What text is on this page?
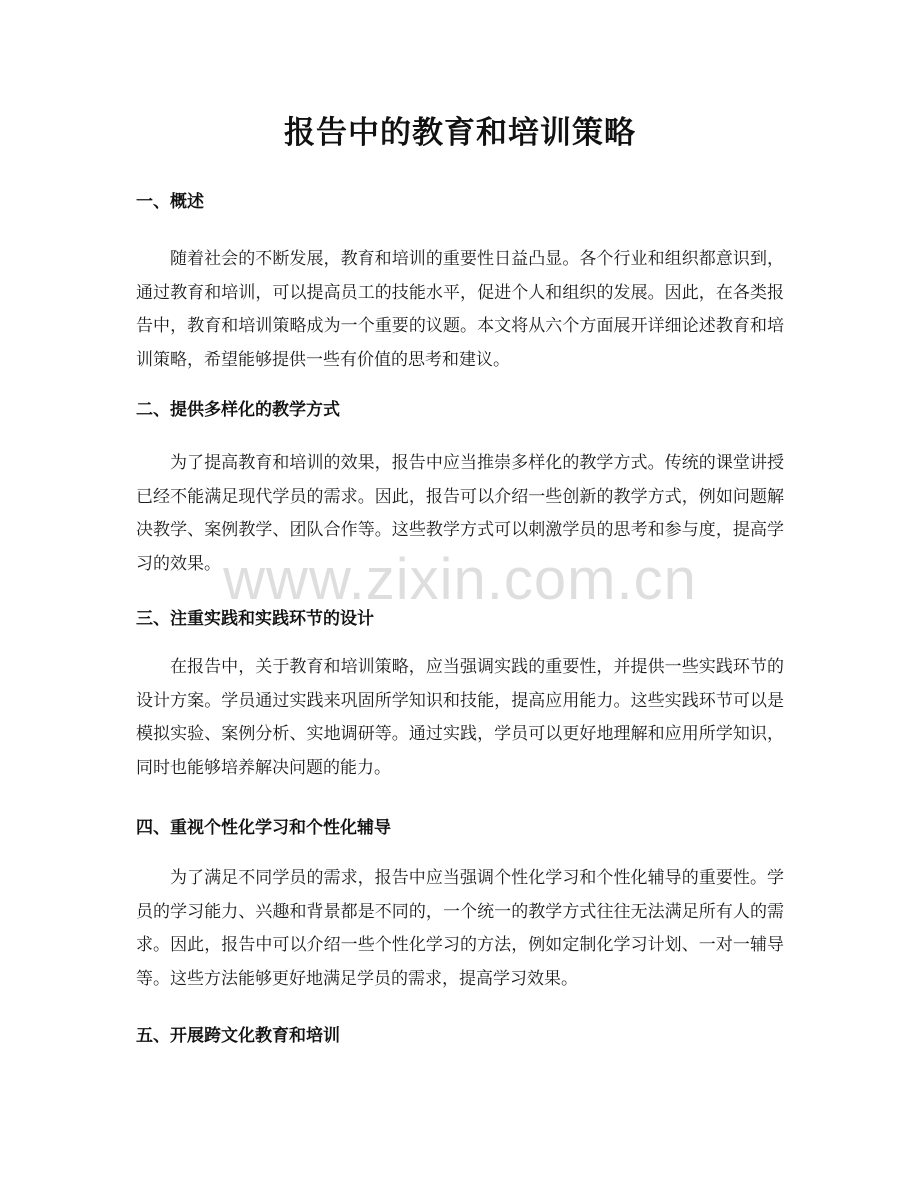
报告中的教育和培训策略
一、概述

随着社会的不断发展，教育和培训的重要性日益凸显。各个行业和组织都意识到，通过教育和培训，可以提高员工的技能水平，促进个人和组织的发展。因此，在各类报告中，教育和培训策略成为一个重要的议题。本文将从六个方面展开详细论述教育和培训策略，希望能够提供一些有价值的思考和建议。

二、提供多样化的教学方式

为了提高教育和培训的效果，报告中应当推崇多样化的教学方式。传统的课堂讲授已经不能满足现代学员的需求。因此，报告可以介绍一些创新的教学方式，例如问题解决教学、案例教学、团队合作等。这些教学方式可以刺激学员的思考和参与度，提高学习的效果。

三、注重实践和实践环节的设计

在报告中，关于教育和培训策略，应当强调实践的重要性，并提供一些实践环节的设计方案。学员通过实践来巩固所学知识和技能，提高应用能力。这些实践环节可以是模拟实验、案例分析、实地调研等。通过实践，学员可以更好地理解和应用所学知识，同时也能够培养解决问题的能力。

四、重视个性化学习和个性化辅导

为了满足不同学员的需求，报告中应当强调个性化学习和个性化辅导的重要性。学员的学习能力、兴趣和背景都是不同的，一个统一的教学方式往往无法满足所有人的需求。因此，报告中可以介绍一些个性化学习的方法，例如定制化学习计划、一对一辅导等。这些方法能够更好地满足学员的需求，提高学习效果。

五、开展跨文化教育和培训
www.zixin.com.cn
